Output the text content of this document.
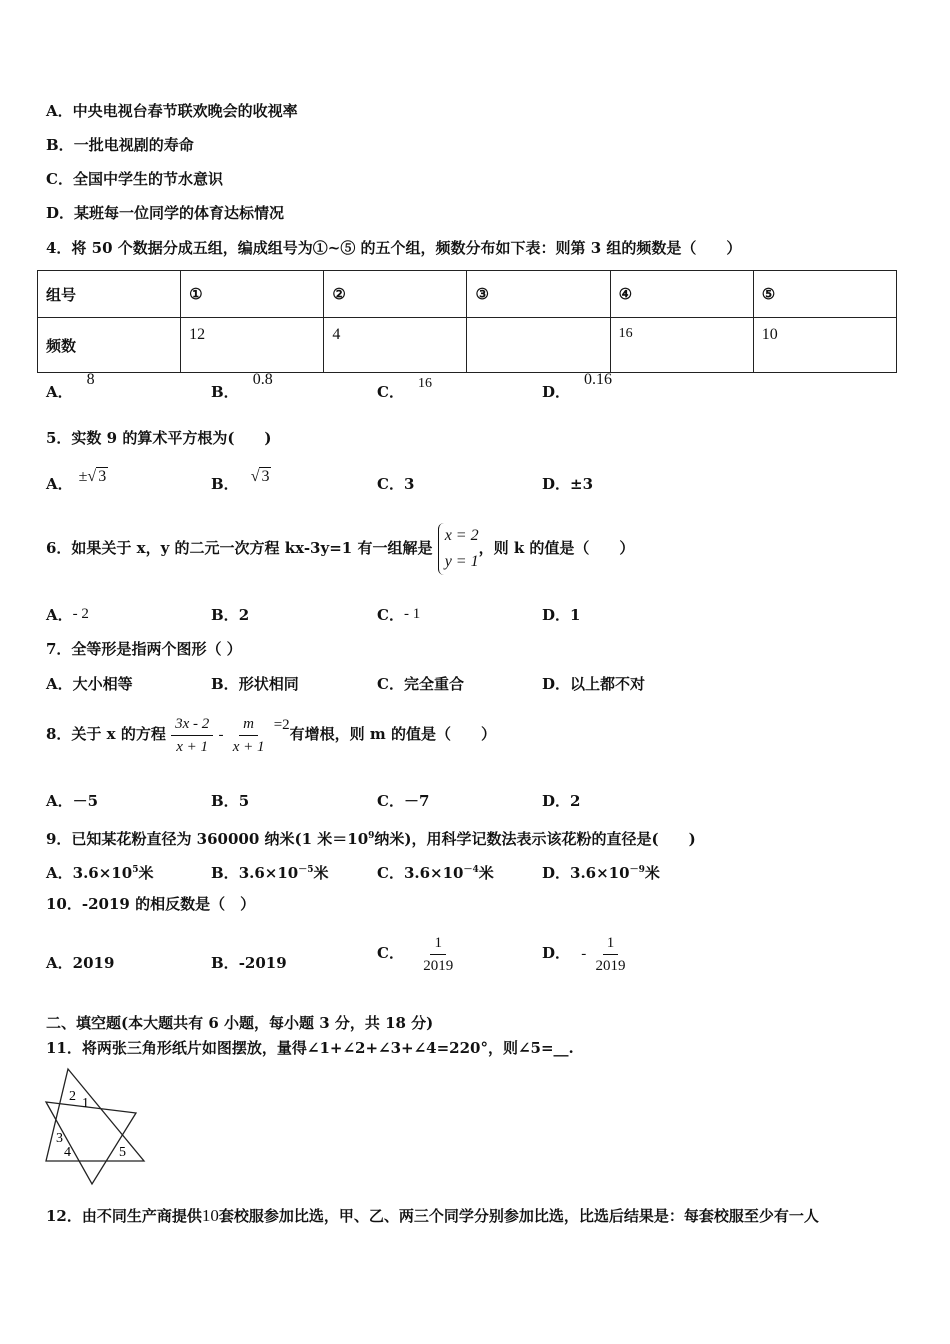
A．中央电视台春节联欢晚会的收视率
B．一批电视剧的寿命
C．全国中学生的节水意识
D．某班每一位同学的体育达标情况
4．将 50 个数据分成五组，编成组号为①~⑤ 的五个组，频数分布如下表：则第 3 组的频数是（　　）
组号	①	②	③	④	⑤
频数	12	4		16	10
A．8
B．0.8
C． 16	D．0.16
5．实数 9 的算术平方根为(　　)
A． ±√ 3	B． √ 3	C．3	D．±3
6．如果关于 x，y 的二元一次方程 kx-3y=1 有一组解是
x = 2
y = 1
，则 k 的值是（　　）
A．- 2	B．2	C．- 1	D．1
7．全等形是指两个图形（ ）
A．大小相等	B．形状相同	C．完全重合	D．以上都不对
8．关于 x 的方程 $\frac{3x - 2}{x + 1} - \frac{m}{x + 1} =2$有增根，则 m 的值是（　　）
A．－5	B．5	C．－7	D．2
9．已知某花粉直径为 360000 纳米(1 米$=10^9$纳米)，用科学记数法表示该花粉的直径是(　　)
A．$3.6\times 10^5$米	B．$3.6\times 10^{-5}$米	C．$3.6\times 10^{-4}$米	D．$3.6\times 10^{-9}$米
10．-2019 的相反数是（　）
A．2019	B．-2019
C． $\frac{1}{2019}$	D． - $\frac{1}{2019}$
二、填空题(本大题共有 6 小题，每小题 3 分，共 18 分)
11．将两张三角形纸片如图摆放，量得∠1+∠2+∠3+∠4=220°，则∠5=__.
1
2
3
4	5
12．由不同生产商提供10套校服参加比选，甲、乙、两三个同学分别参加比选，比选后结果是：每套校服至少有一人
